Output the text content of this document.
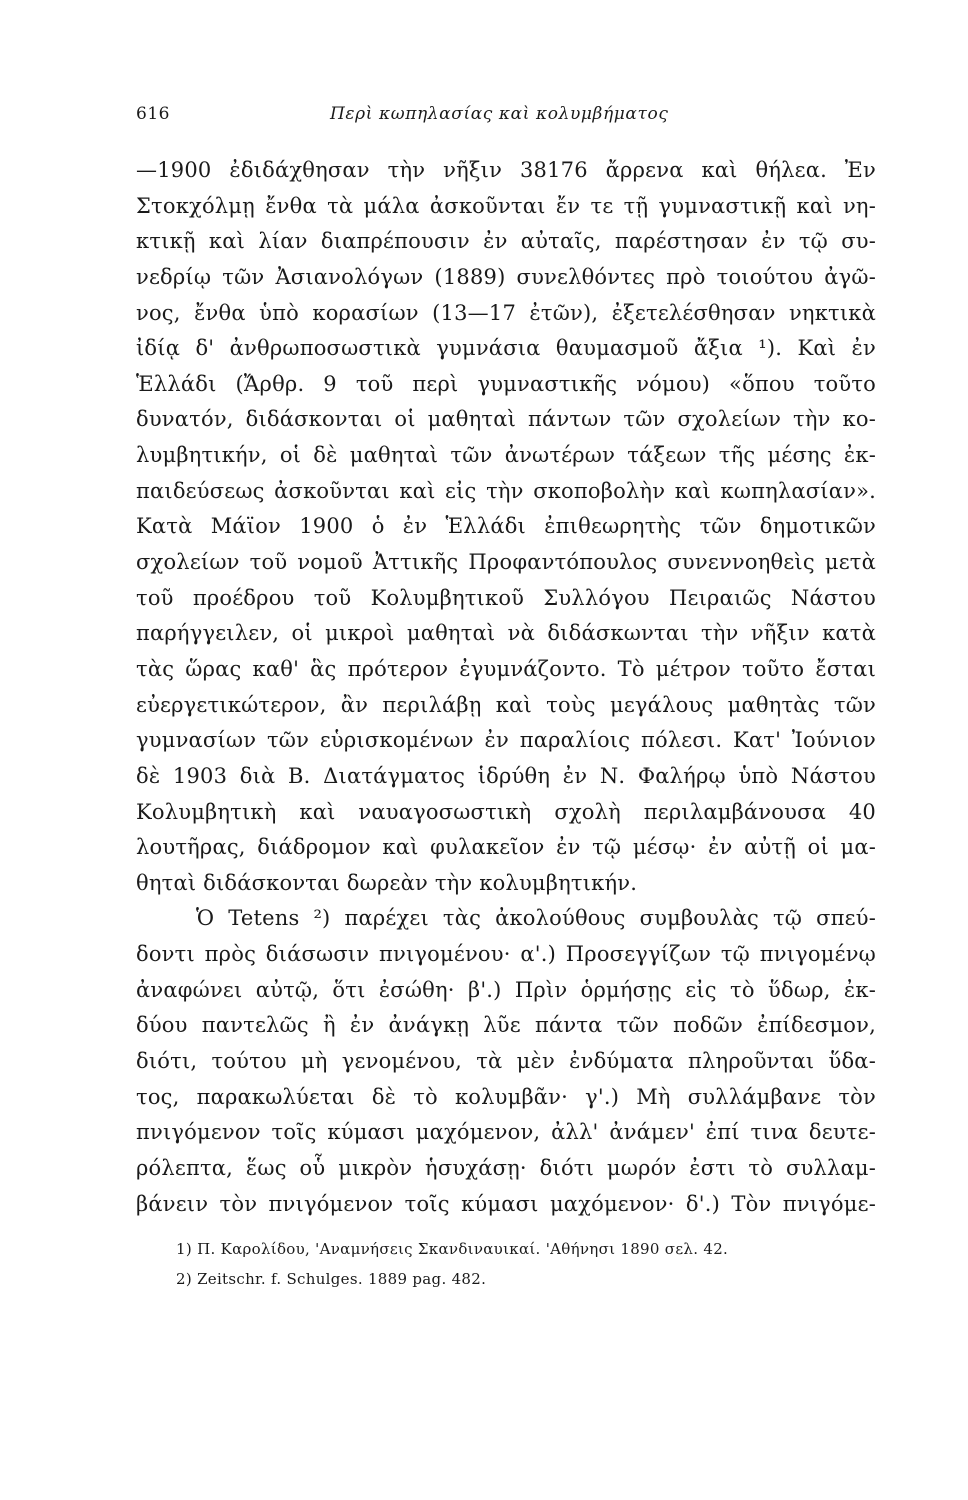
616	Περὶ κωπηλασίας καὶ κολυμβήματος
—1900 ἐδιδάχθησαν τὴν νῆξιν 38176 ἄρρενα καὶ θήλεα. Ἐν
Στοκχόλμῃ ἔνθα τὰ μάλα ἀσκοῦνται ἔν τε τῇ γυμναστικῇ καὶ νη-
κτικῇ καὶ λίαν διαπρέπουσιν ἐν αὐταῖς, παρέστησαν ἐν τῷ συ-
νεδρίῳ τῶν Ἀσιανολόγων (1889) συνελθόντες πρὸ τοιούτου ἀγῶ-
νος, ἔνθα ὑπὸ κορασίων (13—17 ἐτῶν), ἐξετελέσθησαν νηκτικὰ
ἰδίᾳ δ' ἀνθρωποσωστικὰ γυμνάσια θαυμασμοῦ ἄξια ¹). Καὶ ἐν
Ἑλλάδι (Ἄρθρ. 9 τοῦ περὶ γυμναστικῆς νόμου) «ὅπου τοῦτο
δυνατόν, διδάσκονται οἱ μαθηταὶ πάντων τῶν σχολείων τὴν κο-
λυμβητικήν, οἱ δὲ μαθηταὶ τῶν ἀνωτέρων τάξεων τῆς μέσης ἐκ-
παιδεύσεως ἀσκοῦνται καὶ εἰς τὴν σκοποβολὴν καὶ κωπηλασίαν».
Κατὰ Μάϊον 1900 ὁ ἐν Ἑλλάδι ἐπιθεωρητὴς τῶν δημοτικῶν
σχολείων τοῦ νομοῦ Ἀττικῆς Προφαντόπουλος συνεννοηθεὶς μετὰ
τοῦ προέδρου τοῦ Κολυμβητικοῦ Συλλόγου Πειραιῶς Νάστου
παρήγγειλεν, οἱ μικροὶ μαθηταὶ νὰ διδάσκωνται τὴν νῆξιν κατὰ
τὰς ὥρας καθ' ἃς πρότερον ἐγυμνάζοντο. Τὸ μέτρον τοῦτο ἔσται
εὐεργετικώτερον, ἂν περιλάβῃ καὶ τοὺς μεγάλους μαθητὰς τῶν
γυμνασίων τῶν εὑρισκομένων ἐν παραλίοις πόλεσι. Κατ' Ἰούνιον
δὲ 1903 διὰ Β. Διατάγματος ἱδρύθη ἐν Ν. Φαλήρῳ ὑπὸ Νάστου
Κολυμβητικὴ καὶ ναυαγοσωστικὴ σχολὴ περιλαμβάνουσα 40
λουτῆρας, διάδρομον καὶ φυλακεῖον ἐν τῷ μέσῳ· ἐν αὐτῇ οἱ μα-
θηταὶ διδάσκονται δωρεὰν τὴν κολυμβητικήν.
Ὁ Tetens ²) παρέχει τὰς ἀκολούθους συμβουλὰς τῷ σπεύ-
δοντι πρὸς διάσωσιν πνιγομένου· α'.) Προσεγγίζων τῷ πνιγομένῳ
ἀναφώνει αὐτῷ, ὅτι ἐσώθη· β'.) Πρὶν ὁρμήσῃς εἰς τὸ ὕδωρ, ἐκ-
δύου παντελῶς ἢ ἐν ἀνάγκῃ λῦε πάντα τῶν ποδῶν ἐπίδεσμον,
διότι, τούτου μὴ γενομένου, τὰ μὲν ἐνδύματα πληροῦνται ὕδα-
τος, παρακωλύεται δὲ τὸ κολυμβᾶν· γ'.) Μὴ συλλάμβανε τὸν
πνιγόμενον τοῖς κύμασι μαχόμενον, ἀλλ' ἀνάμεν' ἐπί τινα δευτε-
ρόλεπτα, ἕως οὗ μικρὸν ἡσυχάσῃ· διότι μωρόν ἐστι τὸ συλλαμ-
βάνειν τὸν πνιγόμενον τοῖς κύμασι μαχόμενον· δ'.) Τὸν πνιγόμε-
1) Π. Καρολίδου, 'Αναμνήσεις Σκανδιναυικαί. 'Αθήνησι 1890 σελ. 42.
2) Zeitschr. f. Schulges. 1889 pag. 482.
